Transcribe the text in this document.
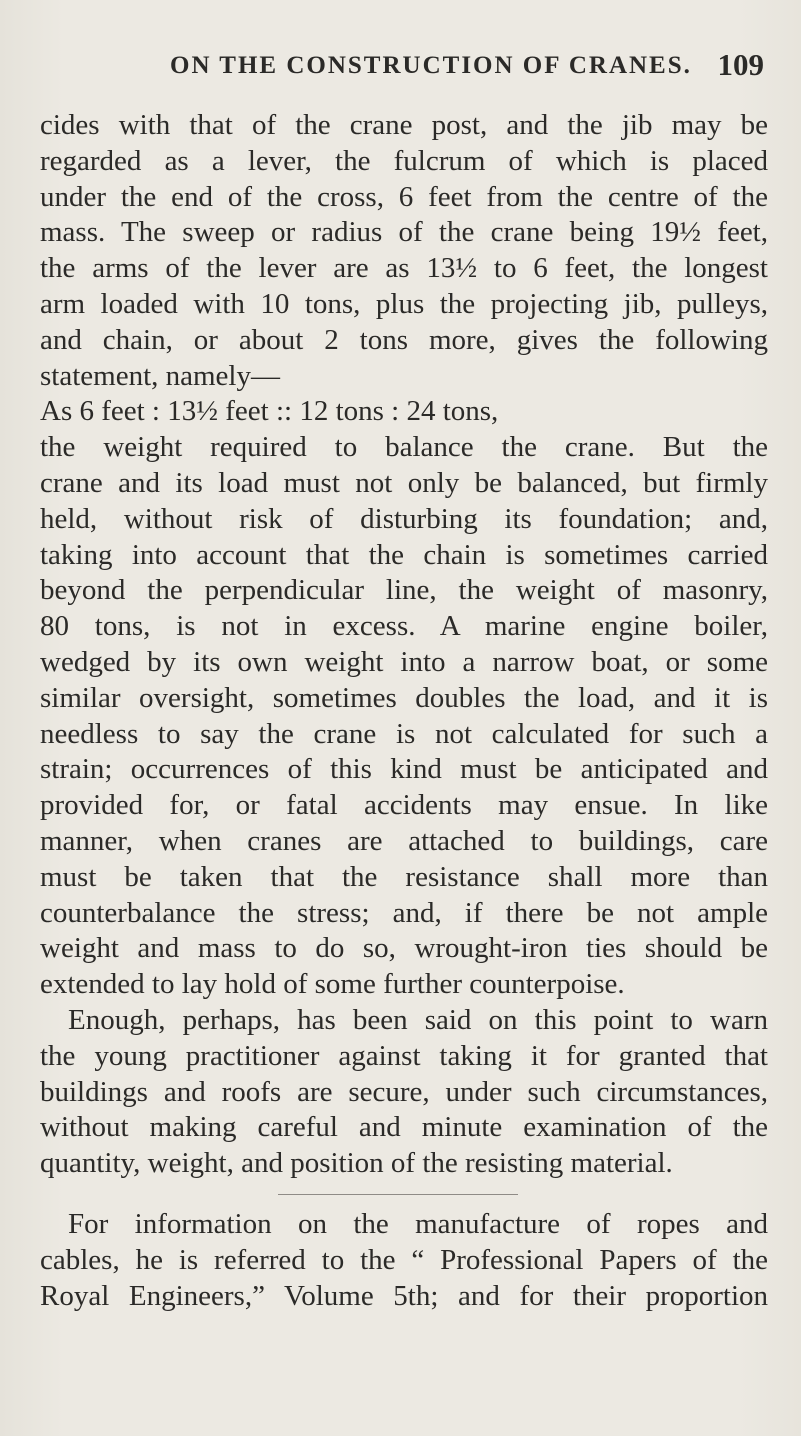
ON THE CONSTRUCTION OF CRANES. 109
cides with that of the crane post, and the jib may be
regarded as a lever, the fulcrum of which is placed
under the end of the cross, 6 feet from the centre of the
mass. The sweep or radius of the crane being 19½ feet,
the arms of the lever are as 13½ to 6 feet, the longest
arm loaded with 10 tons, plus the projecting jib, pulleys,
and chain, or about 2 tons more, gives the following
statement, namely—
As 6 feet : 13½ feet :: 12 tons : 24 tons,
the weight required to balance the crane. But the
crane and its load must not only be balanced, but firmly
held, without risk of disturbing its foundation; and,
taking into account that the chain is sometimes carried
beyond the perpendicular line, the weight of masonry,
80 tons, is not in excess. A marine engine boiler,
wedged by its own weight into a narrow boat, or some
similar oversight, sometimes doubles the load, and it is
needless to say the crane is not calculated for such a
strain; occurrences of this kind must be anticipated and
provided for, or fatal accidents may ensue. In like
manner, when cranes are attached to buildings, care
must be taken that the resistance shall more than
counterbalance the stress; and, if there be not ample
weight and mass to do so, wrought-iron ties should be
extended to lay hold of some further counterpoise.
Enough, perhaps, has been said on this point to warn
the young practitioner against taking it for granted that
buildings and roofs are secure, under such circumstances,
without making careful and minute examination of the
quantity, weight, and position of the resisting material.
For information on the manufacture of ropes and
cables, he is referred to the “ Professional Papers of the
Royal Engineers,” Volume 5th; and for their proportion
